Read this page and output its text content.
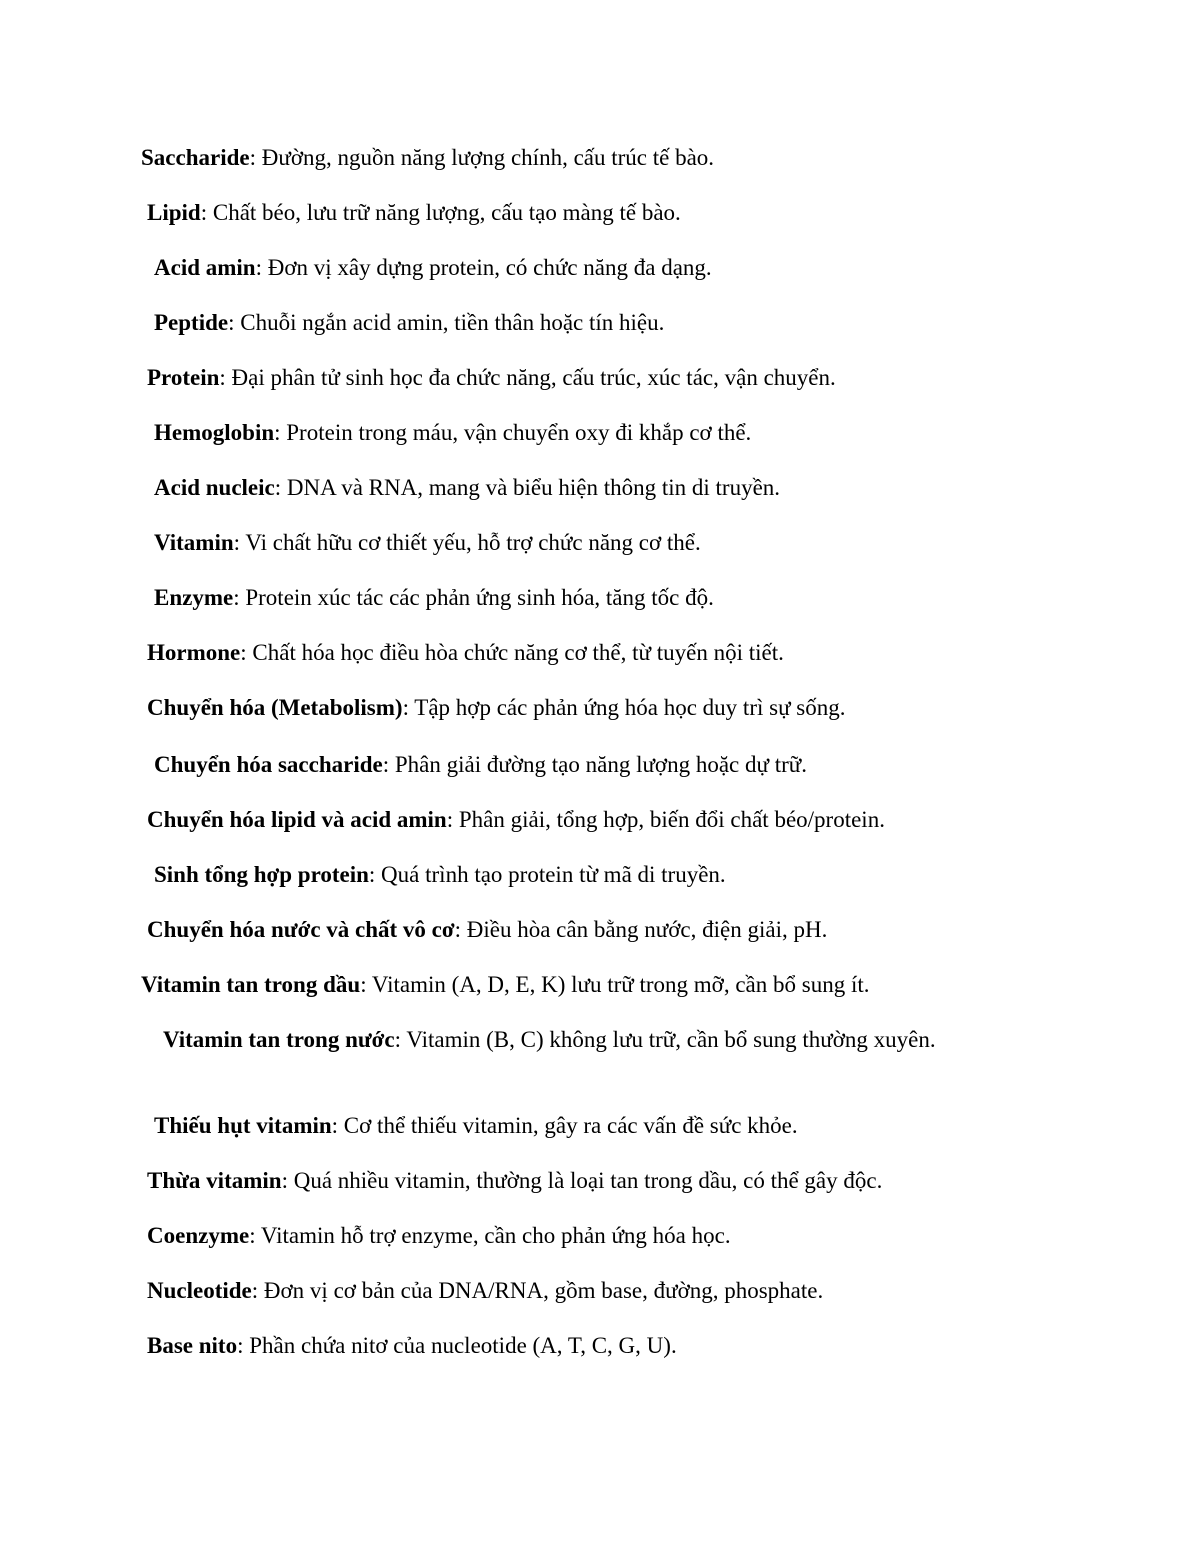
Saccharide: Đường, nguồn năng lượng chính, cấu trúc tế bào.

Lipid: Chất béo, lưu trữ năng lượng, cấu tạo màng tế bào.

Acid amin: Đơn vị xây dựng protein, có chức năng đa dạng.

Peptide: Chuỗi ngắn acid amin, tiền thân hoặc tín hiệu.

Protein: Đại phân tử sinh học đa chức năng, cấu trúc, xúc tác, vận chuyển.

Hemoglobin: Protein trong máu, vận chuyển oxy đi khắp cơ thể.

Acid nucleic: DNA và RNA, mang và biểu hiện thông tin di truyền.

Vitamin: Vi chất hữu cơ thiết yếu, hỗ trợ chức năng cơ thể.

Enzyme: Protein xúc tác các phản ứng sinh hóa, tăng tốc độ.

Hormone: Chất hóa học điều hòa chức năng cơ thể, từ tuyến nội tiết.

Chuyển hóa (Metabolism): Tập hợp các phản ứng hóa học duy trì sự sống.

Chuyển hóa saccharide: Phân giải đường tạo năng lượng hoặc dự trữ.

Chuyển hóa lipid và acid amin: Phân giải, tổng hợp, biến đổi chất béo/protein.

Sinh tổng hợp protein: Quá trình tạo protein từ mã di truyền.

Chuyển hóa nước và chất vô cơ: Điều hòa cân bằng nước, điện giải, pH.

Vitamin tan trong dầu: Vitamin (A, D, E, K) lưu trữ trong mỡ, cần bổ sung ít.

Vitamin tan trong nước: Vitamin (B, C) không lưu trữ, cần bổ sung thường xuyên.

Thiếu hụt vitamin: Cơ thể thiếu vitamin, gây ra các vấn đề sức khỏe.

Thừa vitamin: Quá nhiều vitamin, thường là loại tan trong dầu, có thể gây độc.

Coenzyme: Vitamin hỗ trợ enzyme, cần cho phản ứng hóa học.

Nucleotide: Đơn vị cơ bản của DNA/RNA, gồm base, đường, phosphate.

Base nito: Phần chứa nitơ của nucleotide (A, T, C, G, U).
